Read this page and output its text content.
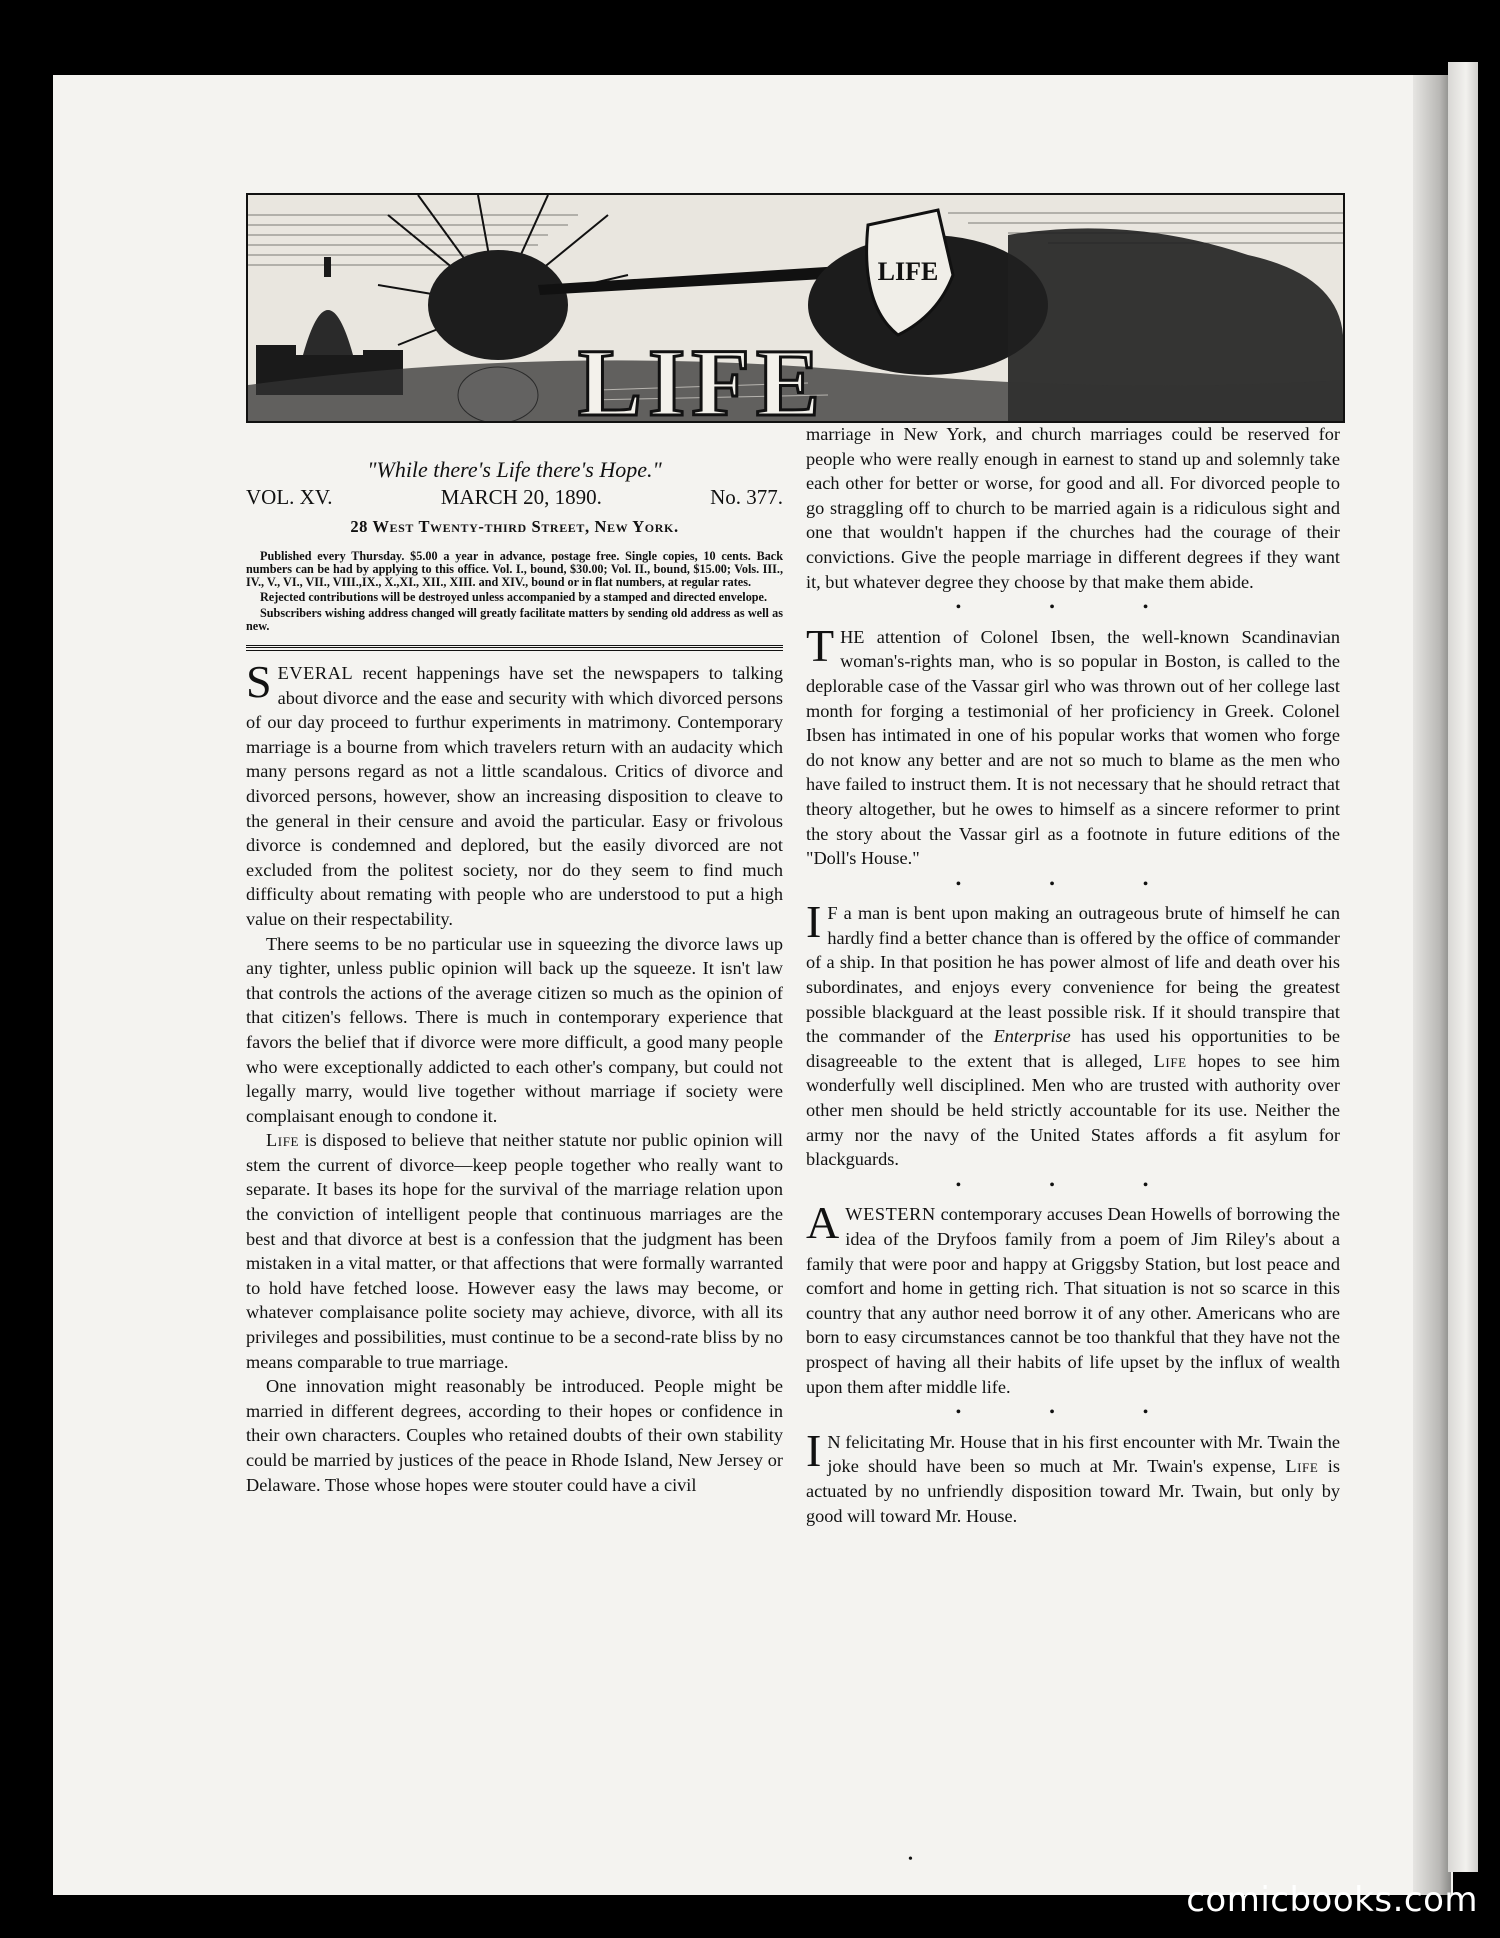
LIFE
LIFE
"While there's Life there's Hope."
VOL. XV.	MARCH 20, 1890.	No. 377.
28 West Twenty-third Street, New York.

Published every Thursday. $5.00 a year in advance, postage free. Single copies, 10 cents. Back numbers can be had by applying to this office. Vol. I., bound, $30.00; Vol. II., bound, $15.00; Vols. III., IV., V., VI., VII., VIII.,IX., X.,XI., XII., XIII. and XIV., bound or in flat numbers, at regular rates.

Rejected contributions will be destroyed unless accompanied by a stamped and directed envelope.

Subscribers wishing address changed will greatly facilitate matters by sending old address as well as new.

SEVERAL recent happenings have set the newspapers to talking about divorce and the ease and security with which divorced persons of our day proceed to furthur experiments in matrimony. Contemporary marriage is a bourne from which travelers return with an audacity which many persons regard as not a little scandalous. Critics of divorce and divorced persons, however, show an increasing disposition to cleave to the general in their censure and avoid the particular. Easy or frivolous divorce is condemned and deplored, but the easily divorced are not excluded from the politest society, nor do they seem to find much difficulty about remating with people who are understood to put a high value on their respectability.

There seems to be no particular use in squeezing the divorce laws up any tighter, unless public opinion will back up the squeeze. It isn't law that controls the actions of the average citizen so much as the opinion of that citizen's fellows. There is much in contemporary experience that favors the belief that if divorce were more difficult, a good many people who were exceptionally addicted to each other's company, but could not legally marry, would live together without marriage if society were complaisant enough to condone it.

Life is disposed to believe that neither statute nor public opinion will stem the current of divorce—keep people together who really want to separate. It bases its hope for the survival of the marriage relation upon the conviction of intelligent people that continuous marriages are the best and that divorce at best is a confession that the judgment has been mistaken in a vital matter, or that affections that were formally warranted to hold have fetched loose. However easy the laws may become, or whatever complaisance polite society may achieve, divorce, with all its privileges and possibilities, must continue to be a second-rate bliss by no means comparable to true marriage.

One innovation might reasonably be introduced. People might be married in different degrees, according to their hopes or confidence in their own characters. Couples who retained doubts of their own stability could be married by justices of the peace in Rhode Island, New Jersey or Delaware. Those whose hopes were stouter could have a civil

marriage in New York, and church marriages could be reserved for people who were really enough in earnest to stand up and solemnly take each other for better or worse, for good and all. For divorced people to go straggling off to church to be married again is a ridiculous sight and one that wouldn't happen if the churches had the courage of their convictions. Give the people marriage in different degrees if they want it, but whatever degree they choose by that make them abide.

• • •

THE attention of Colonel Ibsen, the well-known Scandinavian woman's-rights man, who is so popular in Boston, is called to the deplorable case of the Vassar girl who was thrown out of her college last month for forging a testimonial of her proficiency in Greek. Colonel Ibsen has intimated in one of his popular works that women who forge do not know any better and are not so much to blame as the men who have failed to instruct them. It is not necessary that he should retract that theory altogether, but he owes to himself as a sincere reformer to print the story about the Vassar girl as a footnote in future editions of the "Doll's House."

• • •

I F a man is bent upon making an outrageous brute of himself he can hardly find a better chance than is offered by the office of commander of a ship. In that position he has power almost of life and death over his subordinates, and enjoys every convenience for being the greatest possible blackguard at the least possible risk. If it should transpire that the commander of the Enterprise has used his opportunities to be disagreeable to the extent that is alleged, Life hopes to see him wonderfully well disciplined. Men who are trusted with authority over other men should be held strictly accountable for its use. Neither the army nor the navy of the United States affords a fit asylum for blackguards.

• • •

AWESTERN contemporary accuses Dean Howells of borrowing the idea of the Dryfoos family from a poem of Jim Riley's about a family that were poor and happy at Griggsby Station, but lost peace and comfort and home in getting rich. That situation is not so scarce in this country that any author need borrow it of any other. Americans who are born to easy circumstances cannot be too thankful that they have not the prospect of having all their habits of life upset by the influx of wealth upon them after middle life.

• • •

I N felicitating Mr. House that in his first encounter with Mr. Twain the joke should have been so much at Mr. Twain's expense, Life is actuated by no unfriendly disposition toward Mr. Twain, but only by good will toward Mr. House.

•
comicbooks.com
